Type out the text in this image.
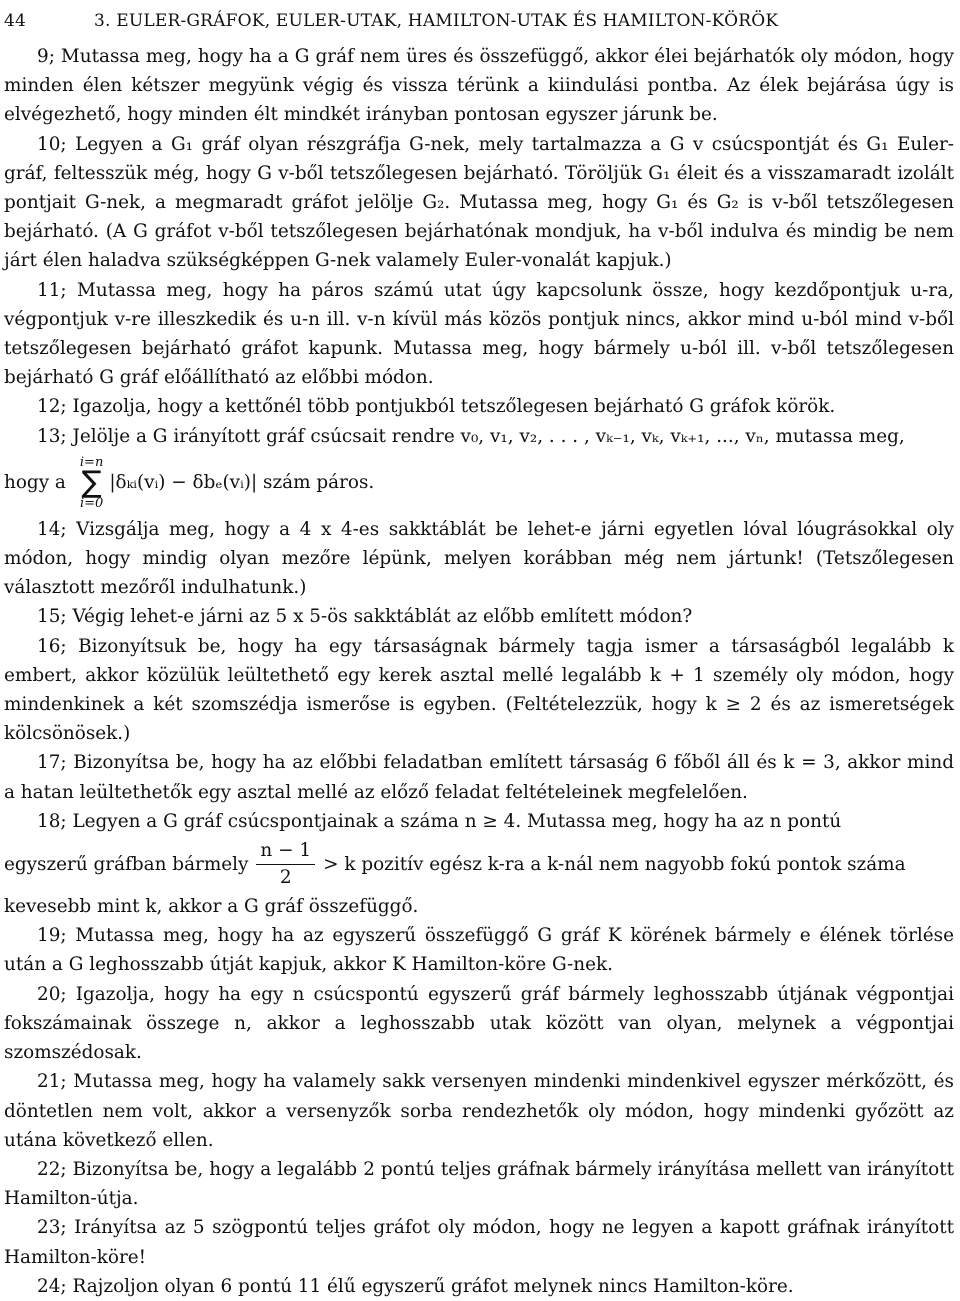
44	3. EULER-GRÁFOK, EULER-UTAK, HAMILTON-UTAK ÉS HAMILTON-KÖRÖK

9; Mutassa meg, hogy ha a G gráf nem üres és összefüggő, akkor élei bejárhatók oly módon, hogy minden élen kétszer megyünk végig és vissza térünk a kiindulási pontba. Az élek bejárása úgy is elvégezhető, hogy minden élt mindkét irányban pontosan egyszer járunk be.

10; Legyen a G₁ gráf olyan részgráfja G-nek, mely tartalmazza a G v csúcspontját és G₁ Euler-gráf, feltesszük még, hogy G v-ből tetszőlegesen bejárható. Töröljük G₁ éleit és a visszamaradt izolált pontjait G-nek, a megmaradt gráfot jelölje G₂. Mutassa meg, hogy G₁ és G₂ is v-ből tetszőlegesen bejárható. (A G gráfot v-ből tetszőlegesen bejárhatónak mondjuk, ha v-ből indulva és mindig be nem járt élen haladva szükségképpen G-nek valamely Euler-vonalát kapjuk.)

11; Mutassa meg, hogy ha páros számú utat úgy kapcsolunk össze, hogy kezdőpontjuk u-ra, végpontjuk v-re illeszkedik és u-n ill. v-n kívül más közös pontjuk nincs, akkor mind u-ból mind v-ből tetszőlegesen bejárható gráfot kapunk. Mutassa meg, hogy bármely u-ból ill. v-ből tetszőlegesen bejárható G gráf előállítható az előbbi módon.

12; Igazolja, hogy a kettőnél több pontjukból tetszőlegesen bejárható G gráfok körök.

13; Jelölje a G irányított gráf csúcsait rendre v₀, v₁, v₂, . . . , vₖ₋₁, vₖ, vₖ₊₁, ..., vₙ, mutassa meg,

hogy a
i=n
∑
i=0
|δₖᵢ(vᵢ) − δbₑ(vᵢ)|
szám páros.

14; Vizsgálja meg, hogy a 4 x 4-es sakktáblát be lehet-e járni egyetlen lóval lóugrásokkal oly módon, hogy mindig olyan mezőre lépünk, melyen korábban még nem jártunk! (Tetszőlegesen választott mezőről indulhatunk.)

15; Végig lehet-e járni az 5 x 5-ös sakktáblát az előbb említett módon?

16; Bizonyítsuk be, hogy ha egy társaságnak bármely tagja ismer a társaságból legalább k embert, akkor közülük leültethető egy kerek asztal mellé legalább k + 1 személy oly módon, hogy mindenkinek a két szomszédja ismerőse is egyben. (Feltételezzük, hogy k ≥ 2 és az ismeretségek kölcsönösek.)

17; Bizonyítsa be, hogy ha az előbbi feladatban említett társaság 6 főből áll és k = 3, akkor mind a hatan leültethetők egy asztal mellé az előző feladat feltételeinek megfelelően.

18; Legyen a G gráf csúcspontjainak a száma n ≥ 4. Mutassa meg, hogy ha az n pontú

egyszerű gráfban bármely $\frac{n - 1}{2} > k$ pozitív egész k-ra a k-nál nem nagyobb fokú pontok száma

kevesebb mint k, akkor a G gráf összefüggő.

19; Mutassa meg, hogy ha az egyszerű összefüggő G gráf K körének bármely e élének törlése után a G leghosszabb útját kapjuk, akkor K Hamilton-köre G-nek.

20; Igazolja, hogy ha egy n csúcspontú egyszerű gráf bármely leghosszabb útjának végpontjai fokszámainak összege n, akkor a leghosszabb utak között van olyan, melynek a végpontjai szomszédosak.

21; Mutassa meg, hogy ha valamely sakk versenyen mindenki mindenkivel egyszer mérkőzött, és döntetlen nem volt, akkor a versenyzők sorba rendezhetők oly módon, hogy mindenki győzött az utána következő ellen.

22; Bizonyítsa be, hogy a legalább 2 pontú teljes gráfnak bármely irányítása mellett van irányított Hamilton-útja.

23; Irányítsa az 5 szögpontú teljes gráfot oly módon, hogy ne legyen a kapott gráfnak irányított Hamilton-köre!

24; Rajzoljon olyan 6 pontú 11 élű egyszerű gráfot melynek nincs Hamilton-köre.
